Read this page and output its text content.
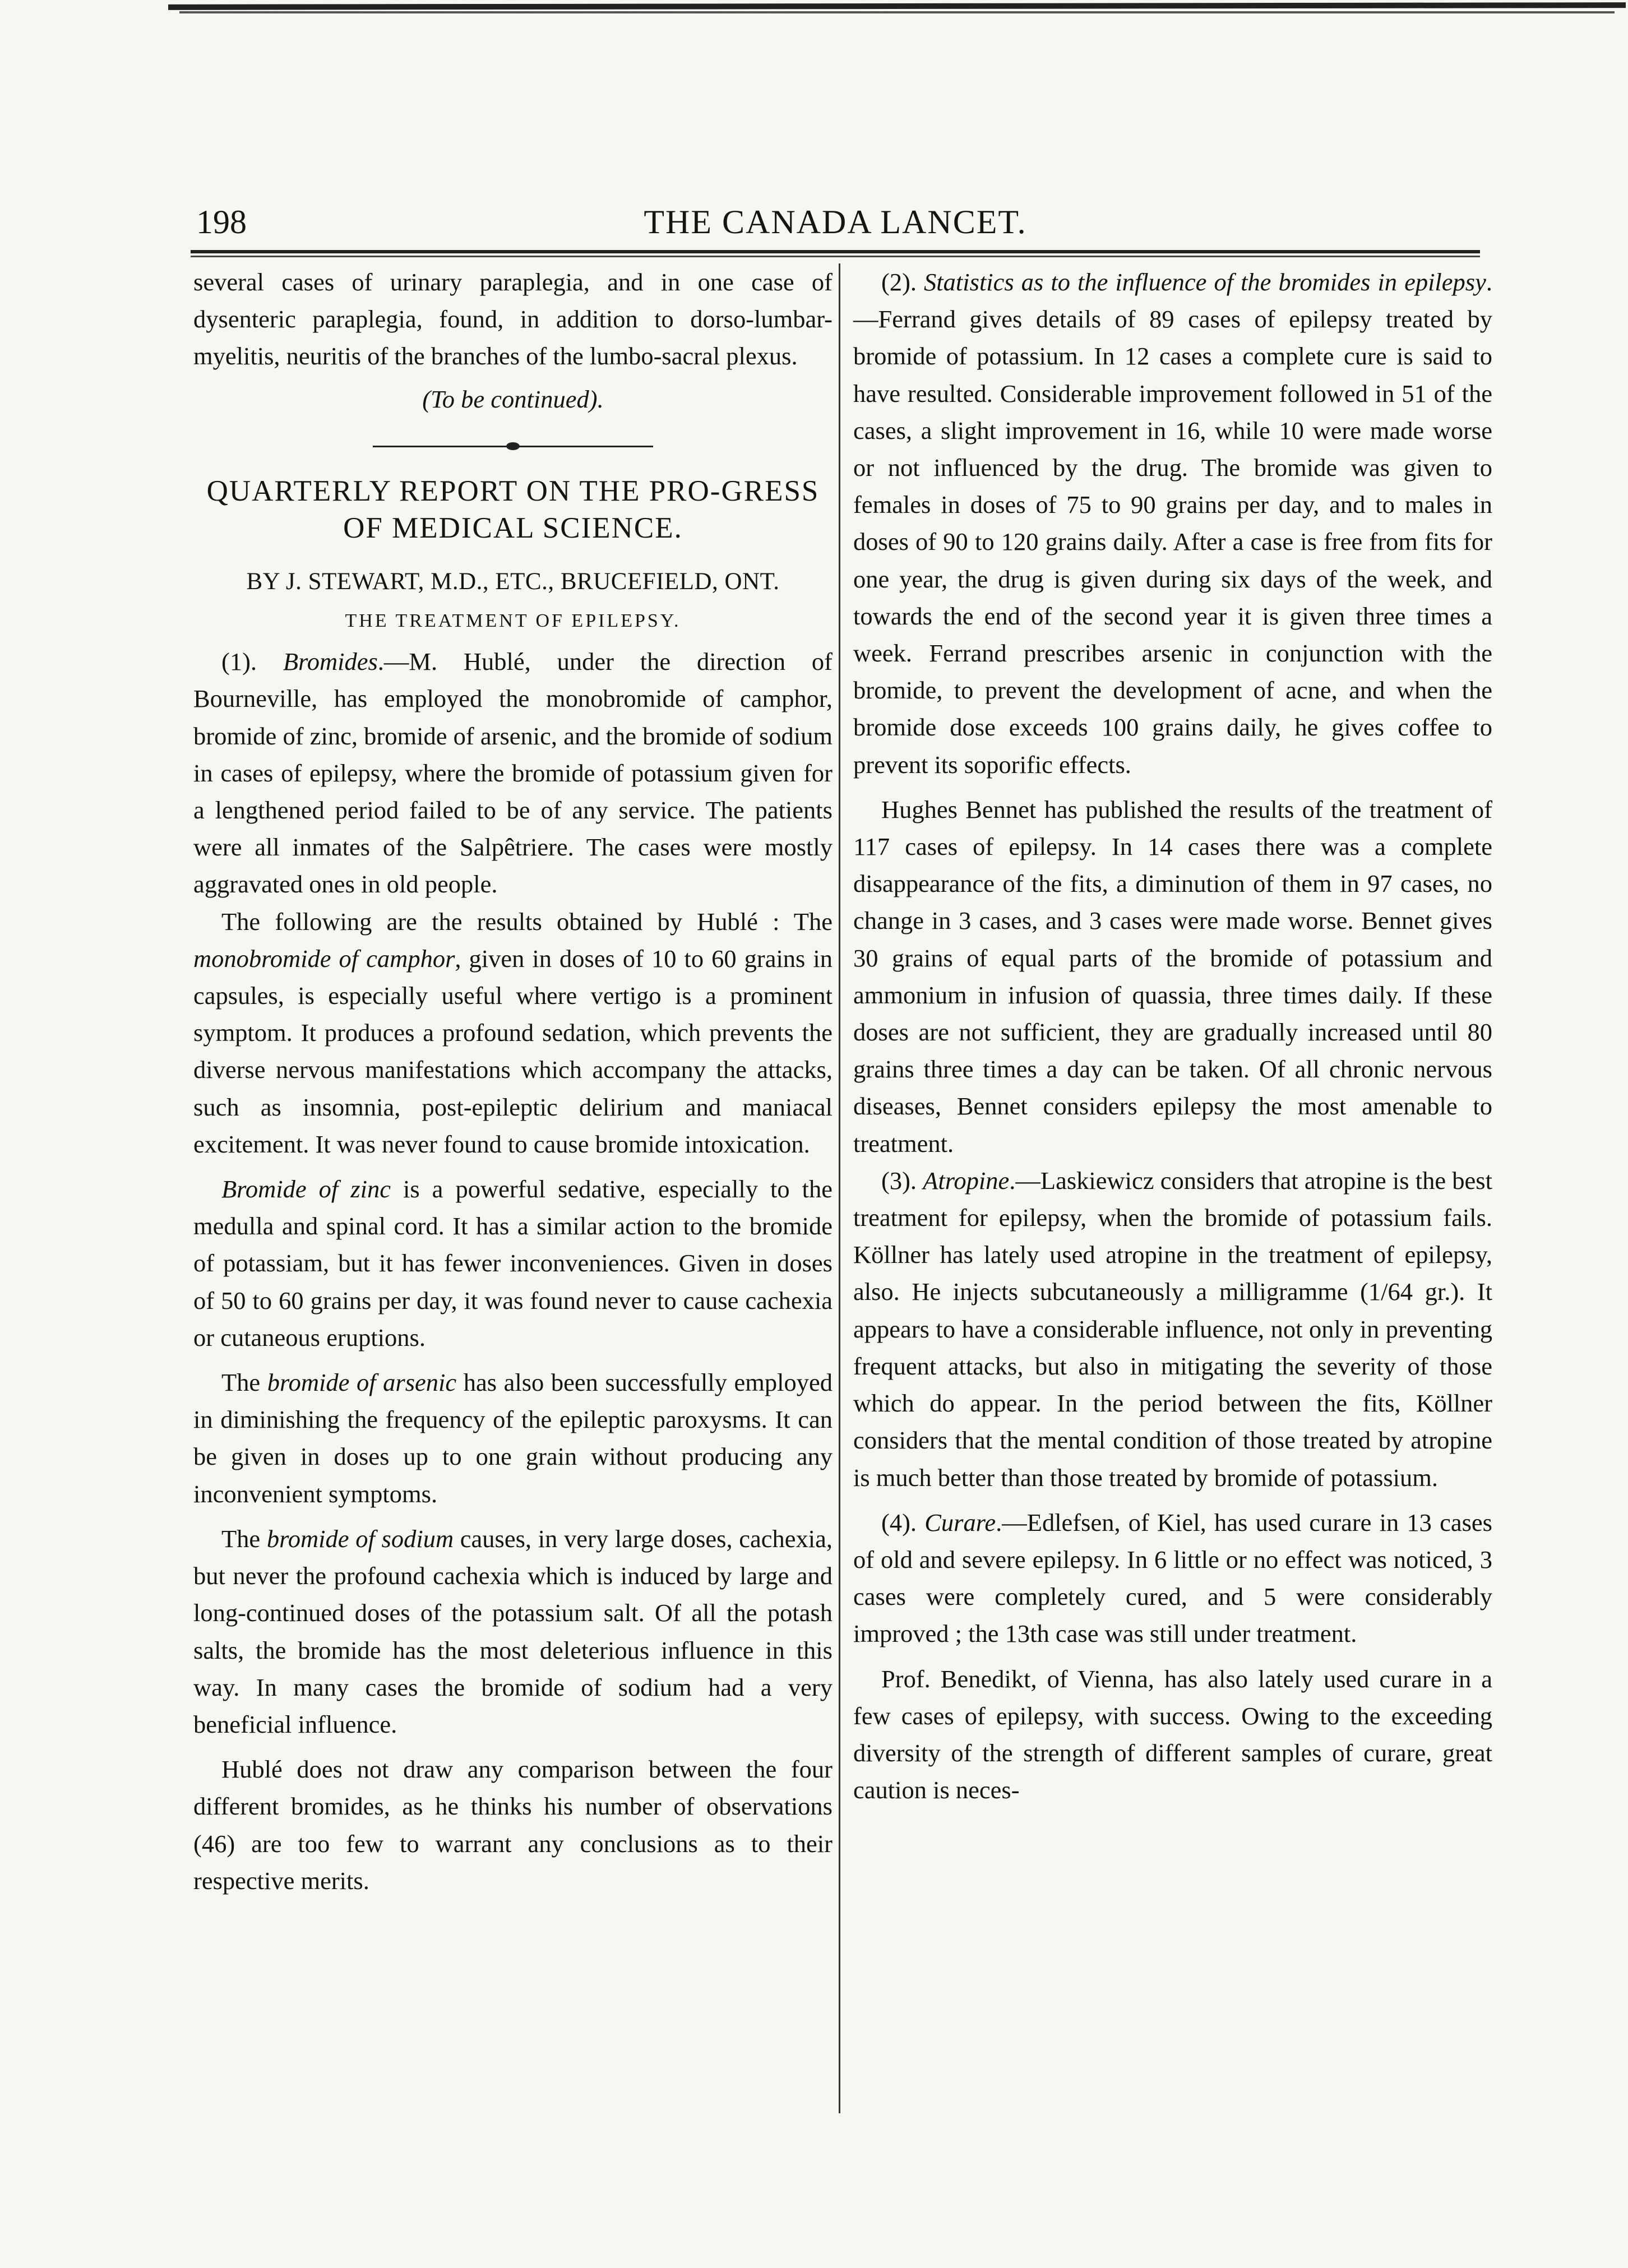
198	THE CANADA LANCET.

several cases of urinary paraplegia, and in one case of dysenteric paraplegia, found, in addition to dorso-lumbar-myelitis, neuritis of the branches of the lumbo-sacral plexus.

(To be continued).

QUARTERLY REPORT ON THE PRO-GRESS OF MEDICAL SCIENCE.

BY J. STEWART, M.D., ETC., BRUCEFIELD, ONT.

THE TREATMENT OF EPILEPSY.

(1). Bromides.—M. Hublé, under the direction of Bourneville, has employed the monobromide of camphor, bromide of zinc, bromide of arsenic, and the bromide of sodium in cases of epilepsy, where the bromide of potassium given for a lengthened period failed to be of any service. The patients were all inmates of the Salpêtriere. The cases were mostly aggravated ones in old people.

The following are the results obtained by Hublé : The monobromide of camphor, given in doses of 10 to 60 grains in capsules, is especially useful where vertigo is a prominent symptom. It produces a profound sedation, which prevents the diverse nervous manifestations which accompany the attacks, such as insomnia, post-epileptic delirium and maniacal excitement. It was never found to cause bromide intoxication.

Bromide of zinc is a powerful sedative, especially to the medulla and spinal cord. It has a similar action to the bromide of potassiam, but it has fewer inconveniences. Given in doses of 50 to 60 grains per day, it was found never to cause cachexia or cutaneous eruptions.

The bromide of arsenic has also been successfully employed in diminishing the frequency of the epileptic paroxysms. It can be given in doses up to one grain without producing any inconvenient symptoms.

The bromide of sodium causes, in very large doses, cachexia, but never the profound cachexia which is induced by large and long-continued doses of the potassium salt. Of all the potash salts, the bromide has the most deleterious influence in this way. In many cases the bromide of sodium had a very beneficial influence.

Hublé does not draw any comparison between the four different bromides, as he thinks his number of observations (46) are too few to warrant any conclusions as to their respective merits.

(2). Statistics as to the influence of the bromides in epilepsy.—Ferrand gives details of 89 cases of epilepsy treated by bromide of potassium. In 12 cases a complete cure is said to have resulted. Considerable improvement followed in 51 of the cases, a slight improvement in 16, while 10 were made worse or not influenced by the drug. The bromide was given to females in doses of 75 to 90 grains per day, and to males in doses of 90 to 120 grains daily. After a case is free from fits for one year, the drug is given during six days of the week, and towards the end of the second year it is given three times a week. Ferrand prescribes arsenic in conjunction with the bromide, to prevent the development of acne, and when the bromide dose exceeds 100 grains daily, he gives coffee to prevent its soporific effects.

Hughes Bennet has published the results of the treatment of 117 cases of epilepsy. In 14 cases there was a complete disappearance of the fits, a diminution of them in 97 cases, no change in 3 cases, and 3 cases were made worse. Bennet gives 30 grains of equal parts of the bromide of potassium and ammonium in infusion of quassia, three times daily. If these doses are not sufficient, they are gradually increased until 80 grains three times a day can be taken. Of all chronic nervous diseases, Bennet considers epilepsy the most amenable to treatment.

(3). Atropine.—Laskiewicz considers that atropine is the best treatment for epilepsy, when the bromide of potassium fails. Köllner has lately used atropine in the treatment of epilepsy, also. He injects subcutaneously a milligramme (1/64 gr.). It appears to have a considerable influence, not only in preventing frequent attacks, but also in mitigating the severity of those which do appear. In the period between the fits, Köllner considers that the mental condition of those treated by atropine is much better than those treated by bromide of potassium.

(4). Curare.—Edlefsen, of Kiel, has used curare in 13 cases of old and severe epilepsy. In 6 little or no effect was noticed, 3 cases were completely cured, and 5 were considerably improved ; the 13th case was still under treatment.

Prof. Benedikt, of Vienna, has also lately used curare in a few cases of epilepsy, with success. Owing to the exceeding diversity of the strength of different samples of curare, great caution is neces-
